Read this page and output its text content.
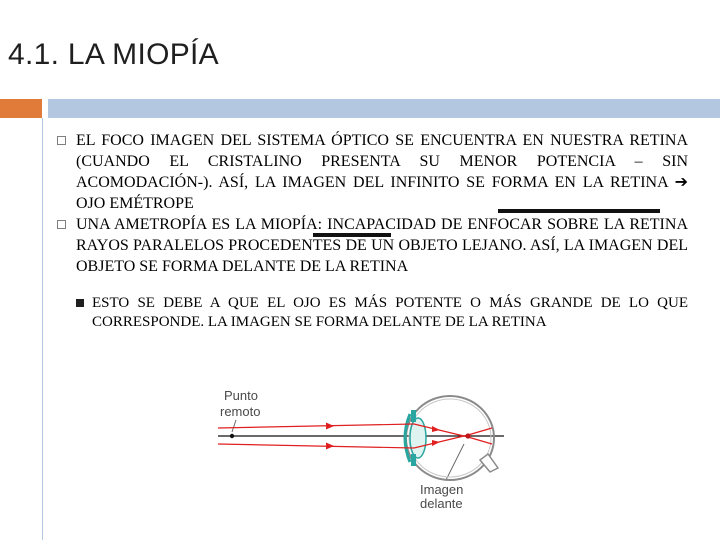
4.1. LA MIOPÍA

EL FOCO IMAGEN DEL SISTEMA ÓPTICO SE ENCUENTRA EN NUESTRA RETINA (CUANDO EL CRISTALINO PRESENTA SU MENOR POTENCIA – SIN ACOMODACIÓN-). ASÍ, LA IMAGEN DEL INFINITO SE FORMA EN LA RETINA ➔ OJO EMÉTROPE

UNA AMETROPÍA ES LA MIOPÍA: INCAPACIDAD DE ENFOCAR SOBRE LA RETINA RAYOS PARALELOS PROCEDENTES DE UN OBJETO LEJANO. ASÍ, LA IMAGEN DEL OBJETO SE FORMA DELANTE DE LA RETINA

ESTO SE DEBE A QUE EL OJO ES MÁS POTENTE O MÁS GRANDE DE LO QUE CORRESPONDE. LA IMAGEN SE FORMA DELANTE DE LA RETINA

Punto
remoto
Imagen
delante
